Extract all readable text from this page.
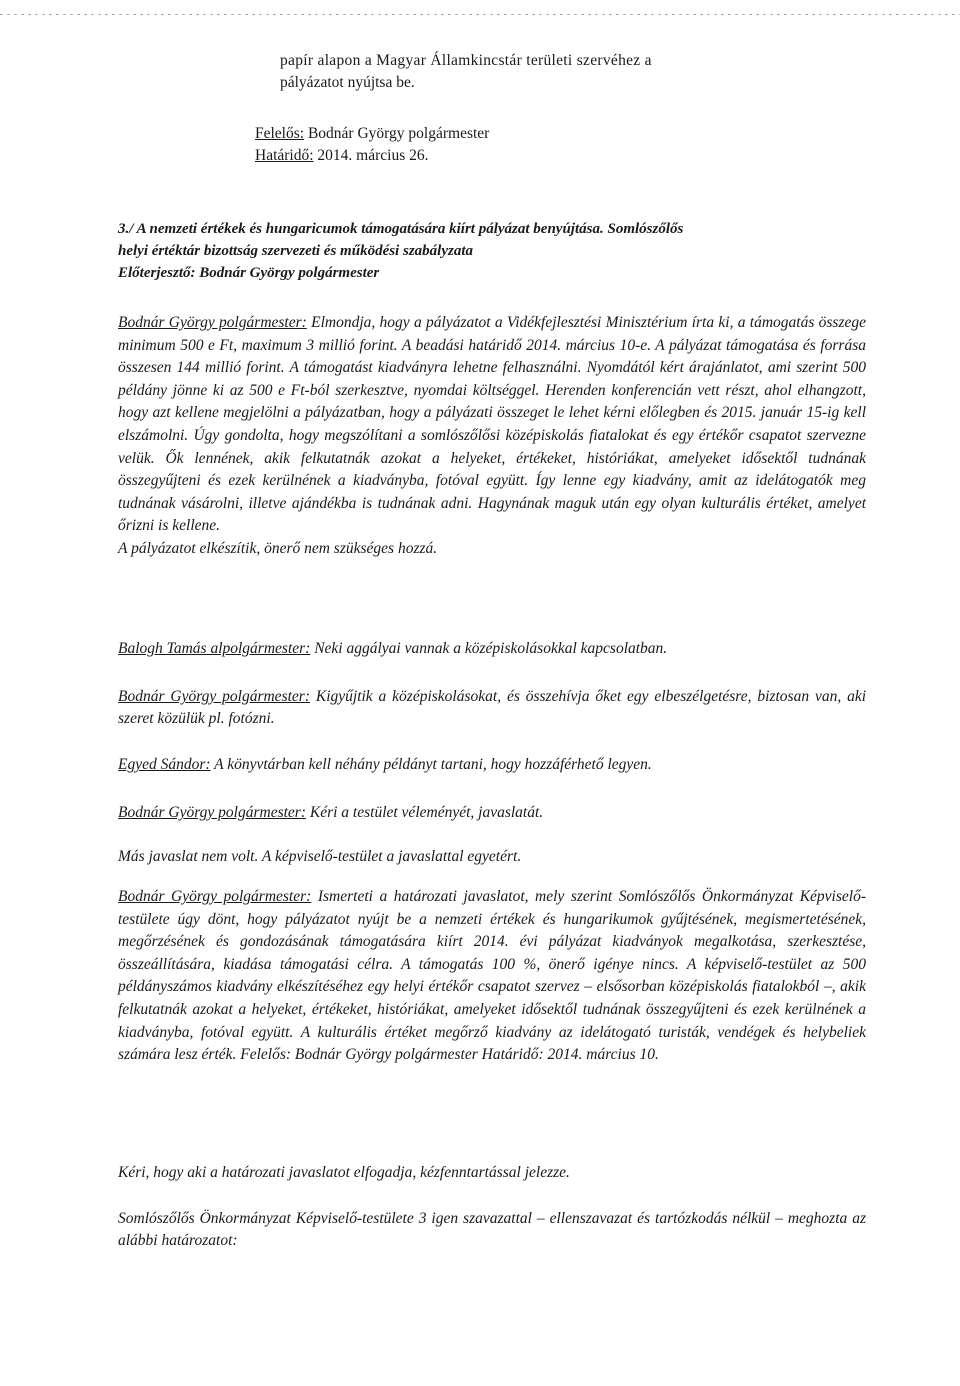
papír alapon a Magyar Államkincstár területi szervéhez a
pályázatot nyújtsa be.
Felelős: Bodnár György polgármester
Határidő: 2014. március 26.
3./ A nemzeti értékek és hungaricumok támogatására kiírt pályázat benyújtása. Somlószőlős
helyi értéktár bizottság szervezeti és működési szabályzata
Előterjesztő: Bodnár György polgármester

Bodnár György polgármester: Elmondja, hogy a pályázatot a Vidékfejlesztési Minisztérium írta ki, a támogatás összege minimum 500 e Ft, maximum 3 millió forint. A beadási határidő 2014. március 10-e. A pályázat támogatása és forrása összesen 144 millió forint. A támogatást kiadványra lehetne felhasználni. Nyomdától kért árajánlatot, ami szerint 500 példány jönne ki az 500 e Ft-ból szerkesztve, nyomdai költséggel. Herenden konferencián vett részt, ahol elhangzott, hogy azt kellene megjelölni a pályázatban, hogy a pályázati összeget le lehet kérni előlegben és 2015. január 15-ig kell elszámolni. Úgy gondolta, hogy megszólítani a somlószőlősi középiskolás fiatalokat és egy értékőr csapatot szervezne velük. Ők lennének, akik felkutatnák azokat a helyeket, értékeket, históriákat, amelyeket idősektől tudnának összegyűjteni és ezek kerülnének a kiadványba, fotóval együtt. Így lenne egy kiadvány, amit az idelátogatók meg tudnának vásárolni, illetve ajándékba is tudnának adni. Hagynának maguk után egy olyan kulturális értéket, amelyet őrizni is kellene.

A pályázatot elkészítik, önerő nem szükséges hozzá.

Balogh Tamás alpolgármester: Neki aggályai vannak a középiskolásokkal kapcsolatban.

Bodnár György polgármester: Kigyűjtik a középiskolásokat, és összehívja őket egy elbeszélgetésre, biztosan van, aki szeret közülük pl. fotózni.

Egyed Sándor: A könyvtárban kell néhány példányt tartani, hogy hozzáférhető legyen.

Bodnár György polgármester: Kéri a testület véleményét, javaslatát.

Más javaslat nem volt. A képviselő-testület a javaslattal egyetért.

Bodnár György polgármester: Ismerteti a határozati javaslatot, mely szerint Somlószőlős Önkormányzat Képviselő-testülete úgy dönt, hogy pályázatot nyújt be a nemzeti értékek és hungarikumok gyűjtésének, megismertetésének, megőrzésének és gondozásának támogatására kiírt 2014. évi pályázat kiadványok megalkotása, szerkesztése, összeállítására, kiadása támogatási célra. A támogatás 100 %, önerő igénye nincs. A képviselő-testület az 500 példányszámos kiadvány elkészítéséhez egy helyi értékőr csapatot szervez – elsősorban középiskolás fiatalokból –, akik felkutatnák azokat a helyeket, értékeket, históriákat, amelyeket idősektől tudnának összegyűjteni és ezek kerülnének a kiadványba, fotóval együtt. A kulturális értéket megőrző kiadvány az idelátogató turisták, vendégek és helybeliek számára lesz érték. Felelős: Bodnár György polgármester Határidő: 2014. március 10.

Kéri, hogy aki a határozati javaslatot elfogadja, kézfenntartással jelezze.

Somlószőlős Önkormányzat Képviselő-testülete 3 igen szavazattal – ellenszavazat és tartózkodás nélkül – meghozta az alábbi határozatot:
